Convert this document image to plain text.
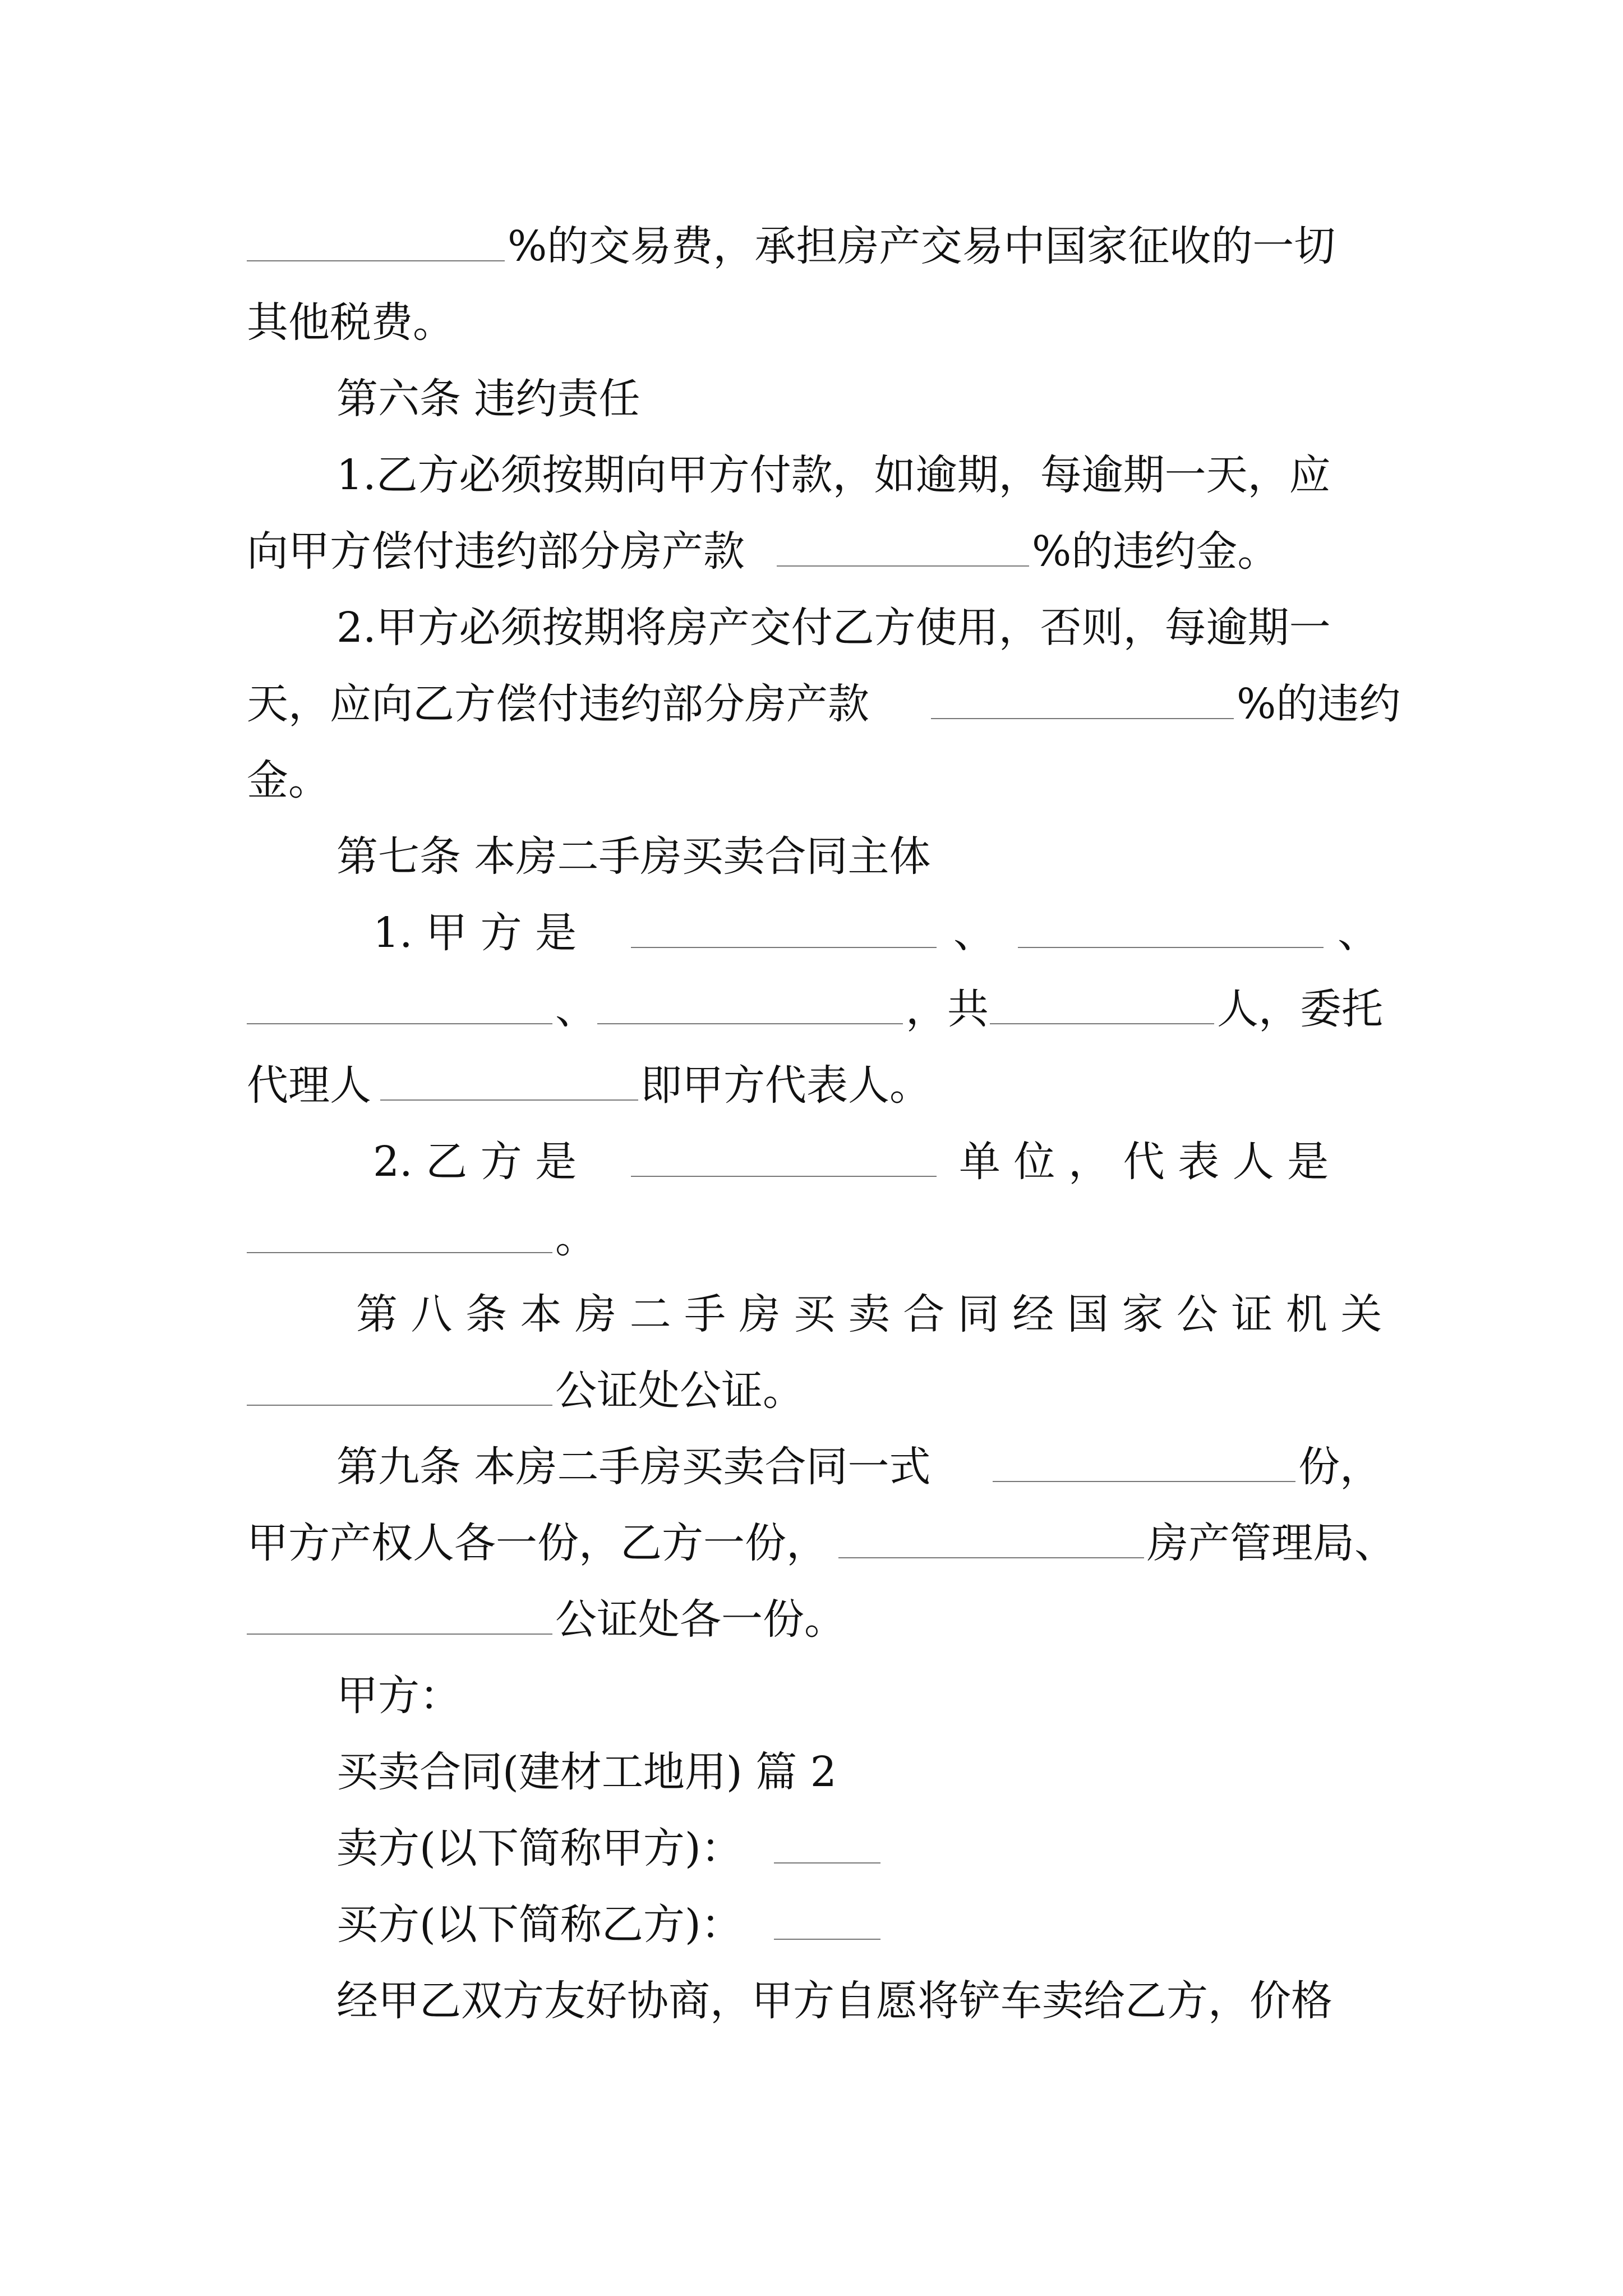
%的交易费，承担房产交易中国家征收的一切
其他税费。
第六条 违约责任
1.乙方必须按期向甲方付款，如逾期，每逾期一天，应
向甲方偿付违约部分房产款	%的违约金。
2.甲方必须按期将房产交付乙方使用，否则，每逾期一
天，应向乙方偿付违约部分房产款	%的违约
金。
第七条 本房二手房买卖合同主体
1. 甲 方 是	、	、
、	，共	人，委托
代理人	即甲方代表人。
2. 乙 方 是	单 位 ， 代 表 人 是
。
第 八 条 本 房 二 手 房 买 卖 合 同 经 国 家 公 证 机 关
公证处公证。
第九条 本房二手房买卖合同一式	份，
甲方产权人各一份，乙方一份，	房产管理局、
公证处各一份。
甲方：
买卖合同(建材工地用) 篇 2
卖方(以下简称甲方)：
买方(以下简称乙方)：
经甲乙双方友好协商，甲方自愿将铲车卖给乙方，价格
